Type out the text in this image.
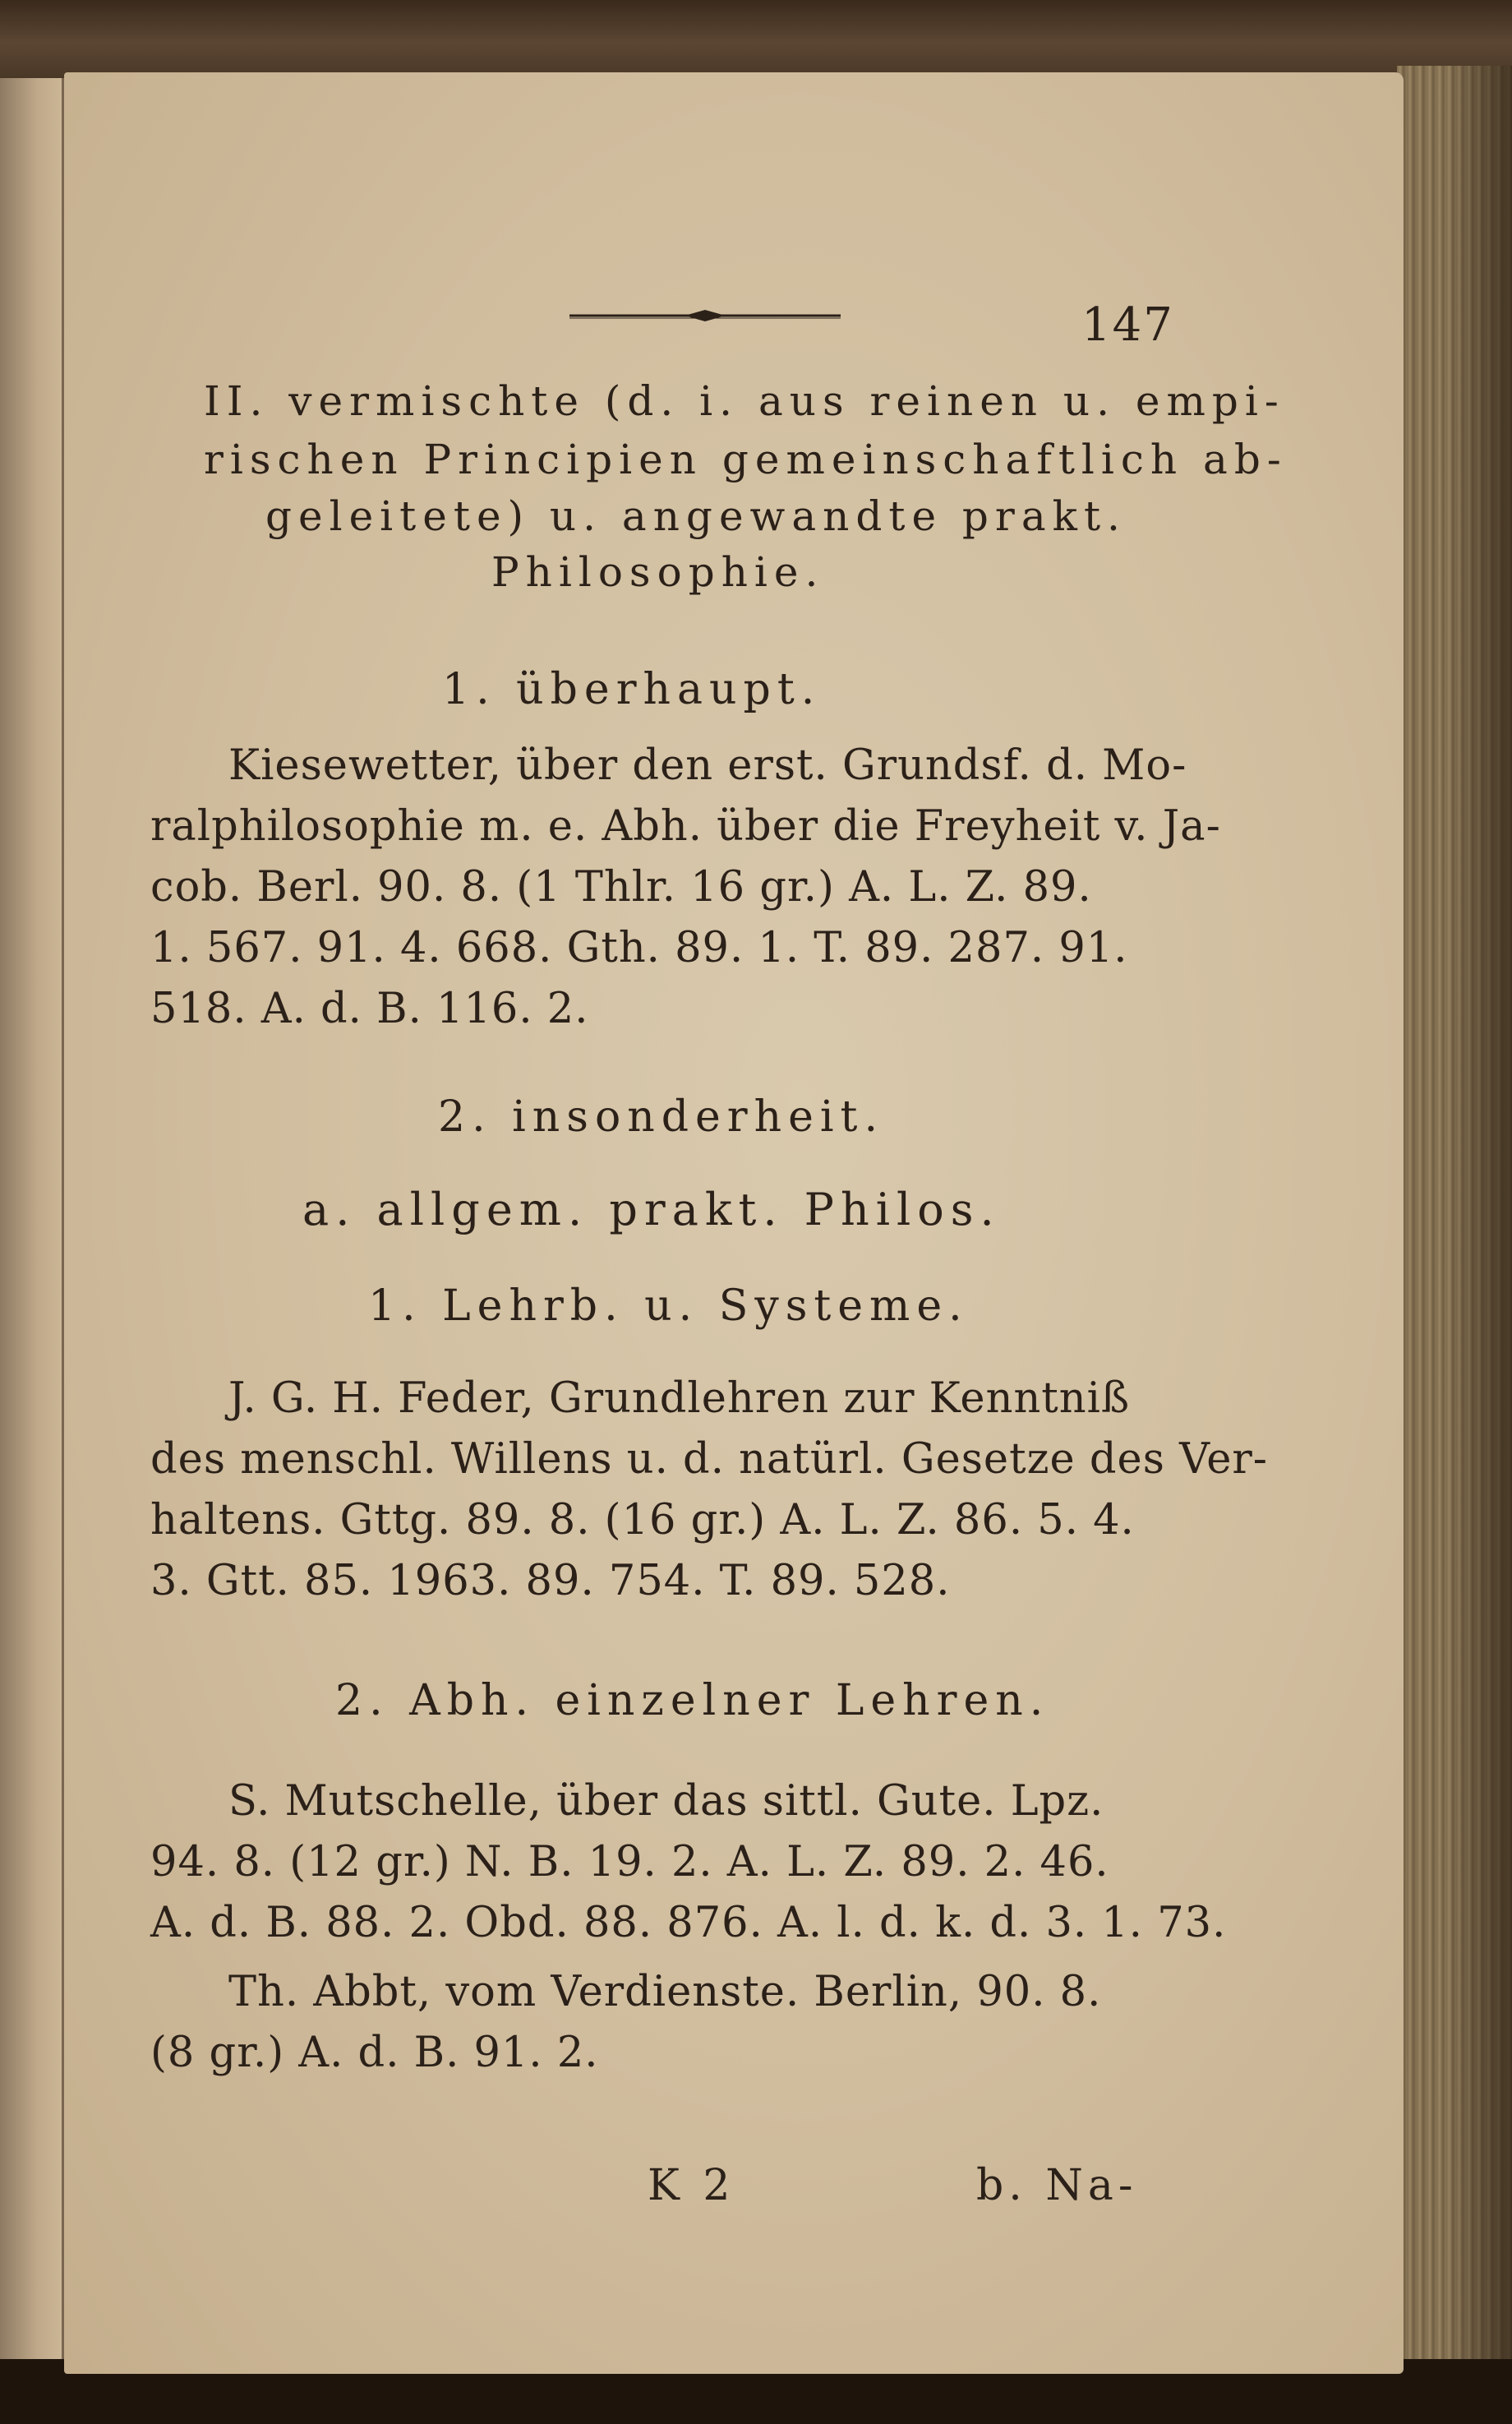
147
II. vermischte (d. i. aus reinen u. empi-
rischen Principien gemeinschaftlich ab-
geleitete) u. angewandte prakt.
Philosophie.
1. überhaupt.
Kiesewetter, über den erst. Grundsf. d. Mo-
ralphilosophie m. e. Abh. über die Freyheit v. Ja-
cob. Berl. 90. 8. (1 Thlr. 16 gr.) A. L. Z. 89.
1. 567. 91. 4. 668. Gth. 89. 1. T. 89. 287. 91.
518. A. d. B. 116. 2.
2. insonderheit.
a. allgem. prakt. Philos.
1. Lehrb. u. Systeme.
J. G. H. Feder, Grundlehren zur Kenntniß
des menschl. Willens u. d. natürl. Gesetze des Ver-
haltens. Gttg. 89. 8. (16 gr.) A. L. Z. 86. 5. 4.
3. Gtt. 85. 1963. 89. 754. T. 89. 528.
2. Abh. einzelner Lehren.
S. Mutschelle, über das sittl. Gute. Lpz.
94. 8. (12 gr.) N. B. 19. 2. A. L. Z. 89. 2. 46.
A. d. B. 88. 2. Obd. 88. 876. A. l. d. k. d. 3. 1. 73.
Th. Abbt, vom Verdienste. Berlin, 90. 8.
(8 gr.) A. d. B. 91. 2.
K 2	b. Na-
